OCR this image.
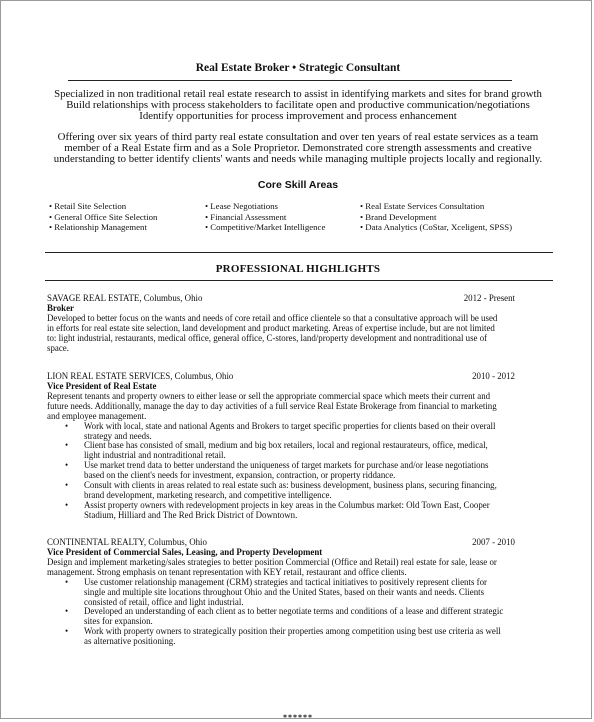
Real Estate Broker • Strategic Consultant
Specialized in non traditional retail real estate research to assist in identifying markets and sites for brand growth
Build relationships with process stakeholders to facilitate open and productive communication/negotiations
Identify opportunities for process improvement and process enhancement
Offering over six years of third party real estate consultation and over ten years of real estate services as a team
member of a Real Estate firm and as a Sole Proprietor. Demonstrated core strength assessments and creative
understanding to better identify clients' wants and needs while managing multiple projects locally and regionally.
Core Skill Areas
• Retail Site Selection
• General Office Site Selection
• Relationship Management
• Lease Negotiations
• Financial Assessment
• Competitive/Market Intelligence
• Real Estate Services Consultation
• Brand Development
• Data Analytics (CoStar, Xceligent, SPSS)
PROFESSIONAL HIGHLIGHTS
SAVAGE REAL ESTATE, Columbus, Ohio	2012 - Present
Broker
Developed to better focus on the wants and needs of core retail and office clientele so that a consultative approach will be used
in efforts for real estate site selection, land development and product marketing. Areas of expertise include, but are not limited
to: light industrial, restaurants, medical office, general office, C-stores, land/property development and nontraditional use of
space.
LION REAL ESTATE SERVICES, Columbus, Ohio	2010 - 2012
Vice President of Real Estate
Represent tenants and property owners to either lease or sell the appropriate commercial space which meets their current and
future needs. Additionally, manage the day to day activities of a full service Real Estate Brokerage from financial to marketing
and employee management.
• Work with local, state and national Agents and Brokers to target specific properties for clients based on their overall
strategy and needs.
• Client base has consisted of small, medium and big box retailers, local and regional restaurateurs, office, medical,
light industrial and nontraditional retail.
• Use market trend data to better understand the uniqueness of target markets for purchase and/or lease negotiations
based on the client's needs for investment, expansion, contraction, or property riddance.
• Consult with clients in areas related to real estate such as: business development, business plans, securing financing,
brand development, marketing research, and competitive intelligence.
• Assist property owners with redevelopment projects in key areas in the Columbus market: Old Town East, Cooper
Stadium, Hilliard and The Red Brick District of Downtown.
CONTINENTAL REALTY, Columbus, Ohio	2007 - 2010
Vice President of Commercial Sales, Leasing, and Property Development
Design and implement marketing/sales strategies to better position Commercial (Office and Retail) real estate for sale, lease or
management. Strong emphasis on tenant representation with KEY retail, restaurant and office clients.
• Use customer relationship management (CRM) strategies and tactical initiatives to positively represent clients for
single and multiple site locations throughout Ohio and the United States, based on their wants and needs. Clients
consisted of retail, office and light industrial.
• Developed an understanding of each client as to better negotiate terms and conditions of a lease and different strategic
sites for expansion.
• Work with property owners to strategically position their properties among competition using best use criteria as well
as alternative positioning.
******
